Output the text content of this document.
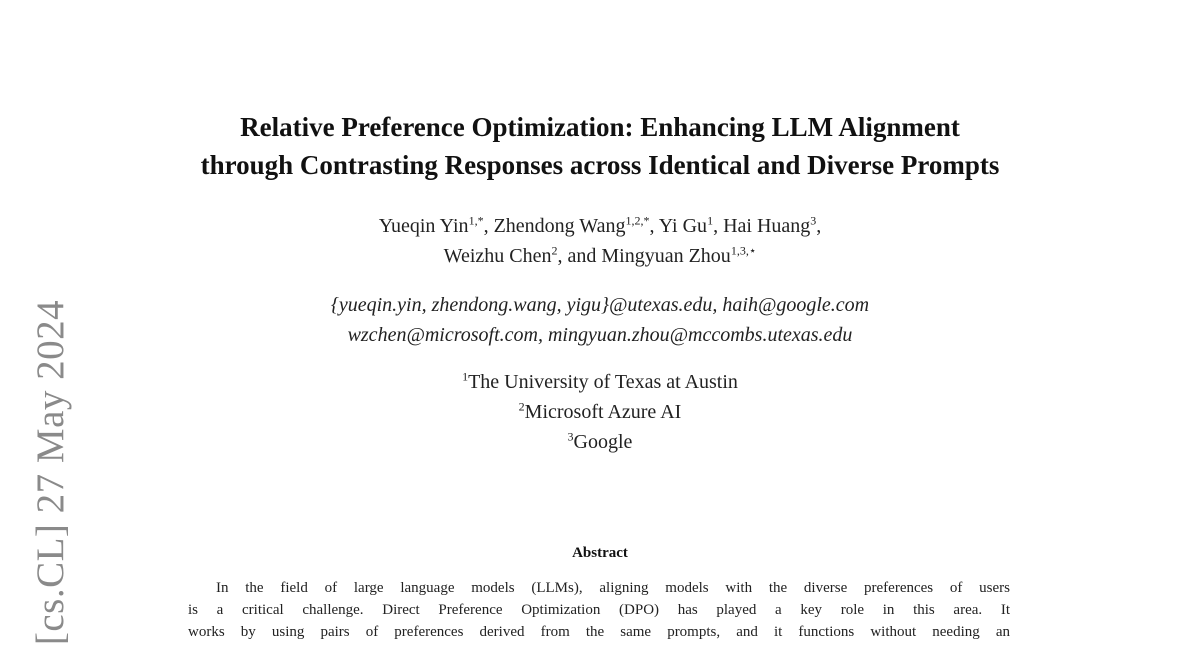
[cs.CL] 27 May 2024
Relative Preference Optimization: Enhancing LLM Alignment
through Contrasting Responses across Identical and Diverse Prompts
Yueqin Yin$^{1,*}$, Zhendong Wang$^{1,2,*}$, Yi Gu$^1$, Hai Huang$^3$,
Weizhu Chen$^2$, and Mingyuan Zhou$^{1,3,⋆}$
{yueqin.yin, zhendong.wang, yigu}@utexas.edu, haih@google.com
wzchen@microsoft.com, mingyuan.zhou@mccombs.utexas.edu
$^1$The University of Texas at Austin
$^2$Microsoft Azure AI
$^3$Google
Abstract
In the field of large language models (LLMs), aligning models with the diverse preferences of users
is a critical challenge. Direct Preference Optimization (DPO) has played a key role in this area. It
works by using pairs of preferences derived from the same prompts, and it functions without needing an
